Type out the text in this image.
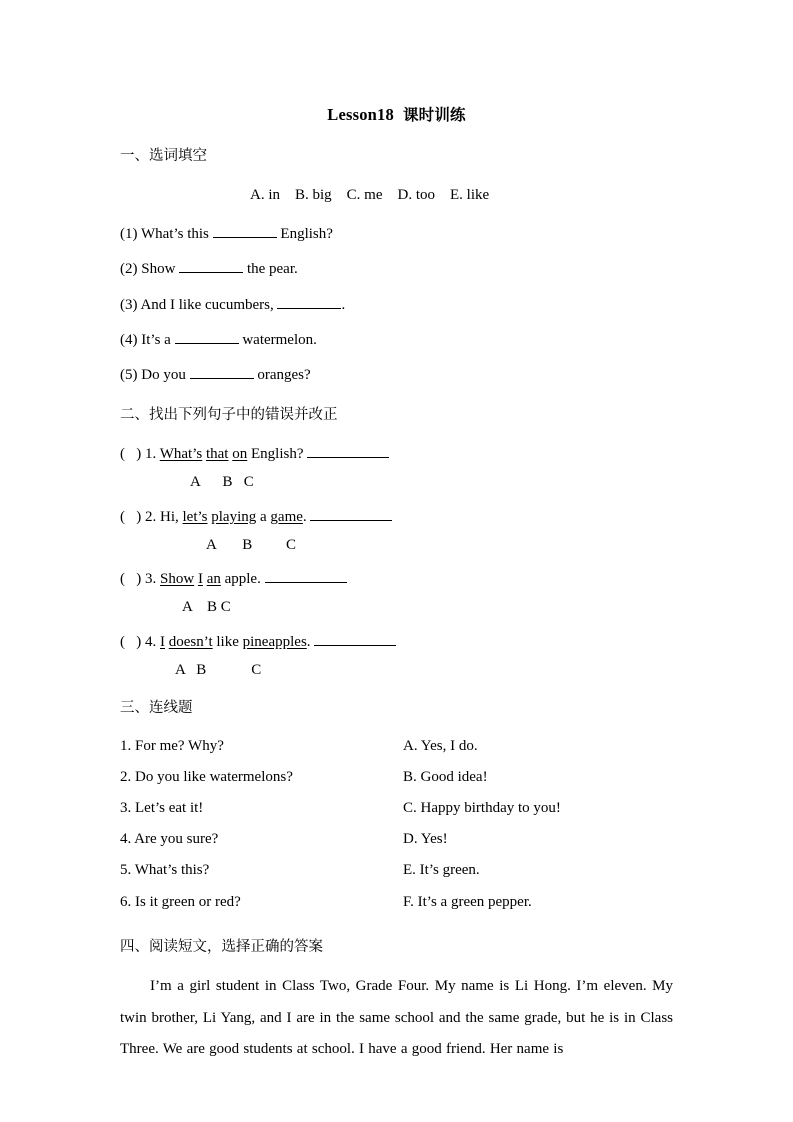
Lesson18 课时训练
一、选词填空
A. in    B. big    C. me    D. too    E. like
(1) What’s this	English?
(2) Show	the pear.
(3) And I like cucumbers,	.
(4) It’s a	watermelon.
(5) Do you	oranges?
二、找出下列句子中的错误并改正
(   ) 1. What’s that on English?
A      B   C
(   ) 2. Hi, let’s playing a game.
A       B         C
(   ) 3. Show I an apple.
A    B C
(   ) 4. I doesn’t like pineapples.
A   B            C
三、连线题

1. For me? Why?

	A. Yes, I do.

2. Do you like watermelons?

	B. Good idea!

3. Let’s eat it!

	C. Happy birthday to you!

4. Are you sure?

	D. Yes!

5. What’s this?

	E. It’s green.

6. Is it green or red?

	F. It’s a green pepper.

四、阅读短文，选择正确的答案
I’m a girl student in Class Two, Grade Four. My name is Li Hong. I’m eleven. My twin brother, Li Yang, and I are in the same school and the same grade, but he is in Class Three. We are good students at school. I have a good friend. Her name is
